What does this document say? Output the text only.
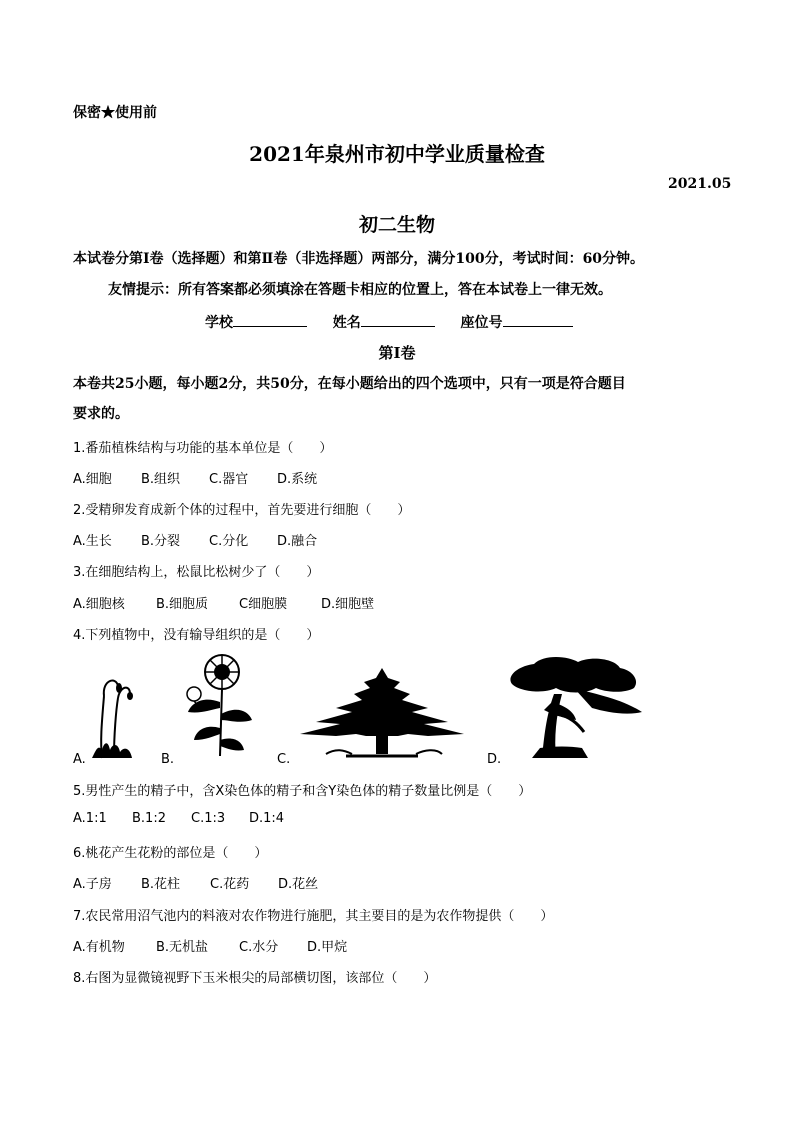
保密★使用前
2021年泉州市初中学业质量检查
2021.05
初二生物
本试卷分第Ⅰ卷（选择题）和第Ⅱ卷（非选择题）两部分，满分100分，考试时间：60分钟。
友情提示：所有答案都必须填涂在答题卡相应的位置上，答在本试卷上一律无效。
学校	姓名	座位号
第Ⅰ卷
本卷共25小题，每小题2分，共50分，在每小题给出的四个选项中，只有一项是符合题目
要求的。
1.番茄植株结构与功能的基本单位是（　　）
A.细胞 B.组织 C.器官 D.系统
2.受精卵发育成新个体的过程中，首先要进行细胞（　　）
A.生长 B.分裂 C.分化 D.融合
3.在细胞结构上，松鼠比松树少了（　　）
A.细胞核 B.细胞质 C细胞膜	D.细胞壁
4.下列植物中，没有输导组织的是（　　）
A.	B.	C.	D.
5.男性产生的精子中，含X染色体的精子和含Y染色体的精子数量比例是（　　）
A.1:1 B.1:2 C.1:3 D.1:4
6.桃花产生花粉的部位是（　　）
A.子房 B.花柱 C.花药 D.花丝
7.农民常用沼气池内的料液对农作物进行施肥，其主要目的是为农作物提供（　　）
A.有机物 B.无机盐 C.水分 D.甲烷
8.右图为显微镜视野下玉米根尖的局部横切图，该部位（　　）
